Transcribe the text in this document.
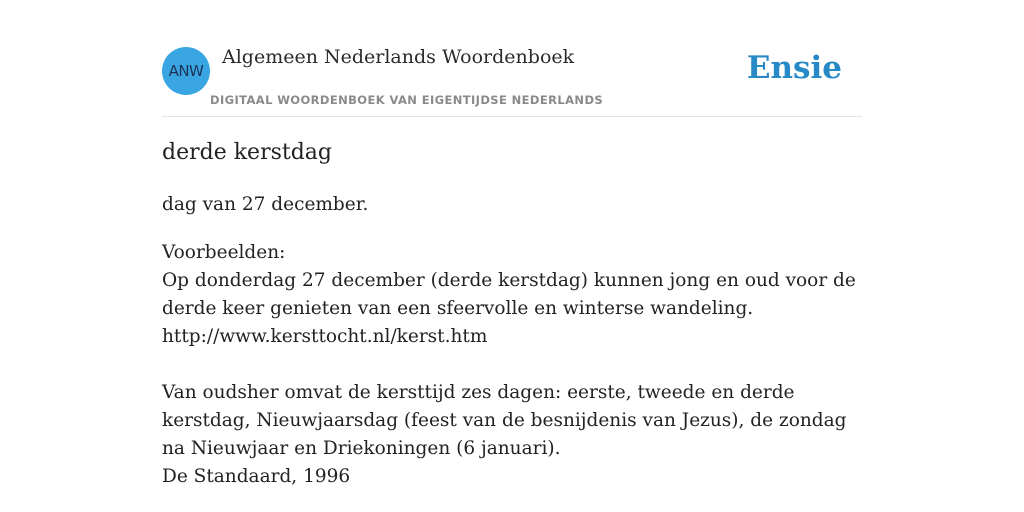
ANW
Algemeen Nederlands Woordenboek
DIGITAAL WOORDENBOEK VAN EIGENTIJDSE NEDERLANDS
Ensie
derde kerstdag
dag van 27 december.

Voorbeelden:

Op donderdag 27 december (derde kerstdag) kunnen jong en oud voor de derde keer genieten van een sfeervolle en winterse wandeling.

http://www.kersttocht.nl/kerst.htm

Van oudsher omvat de kersttijd zes dagen: eerste, tweede en derde kerstdag, Nieuwjaarsdag (feest van de besnijdenis van Jezus), de zondag na Nieuwjaar en Driekoningen (6 januari).

De Standaard, 1996
